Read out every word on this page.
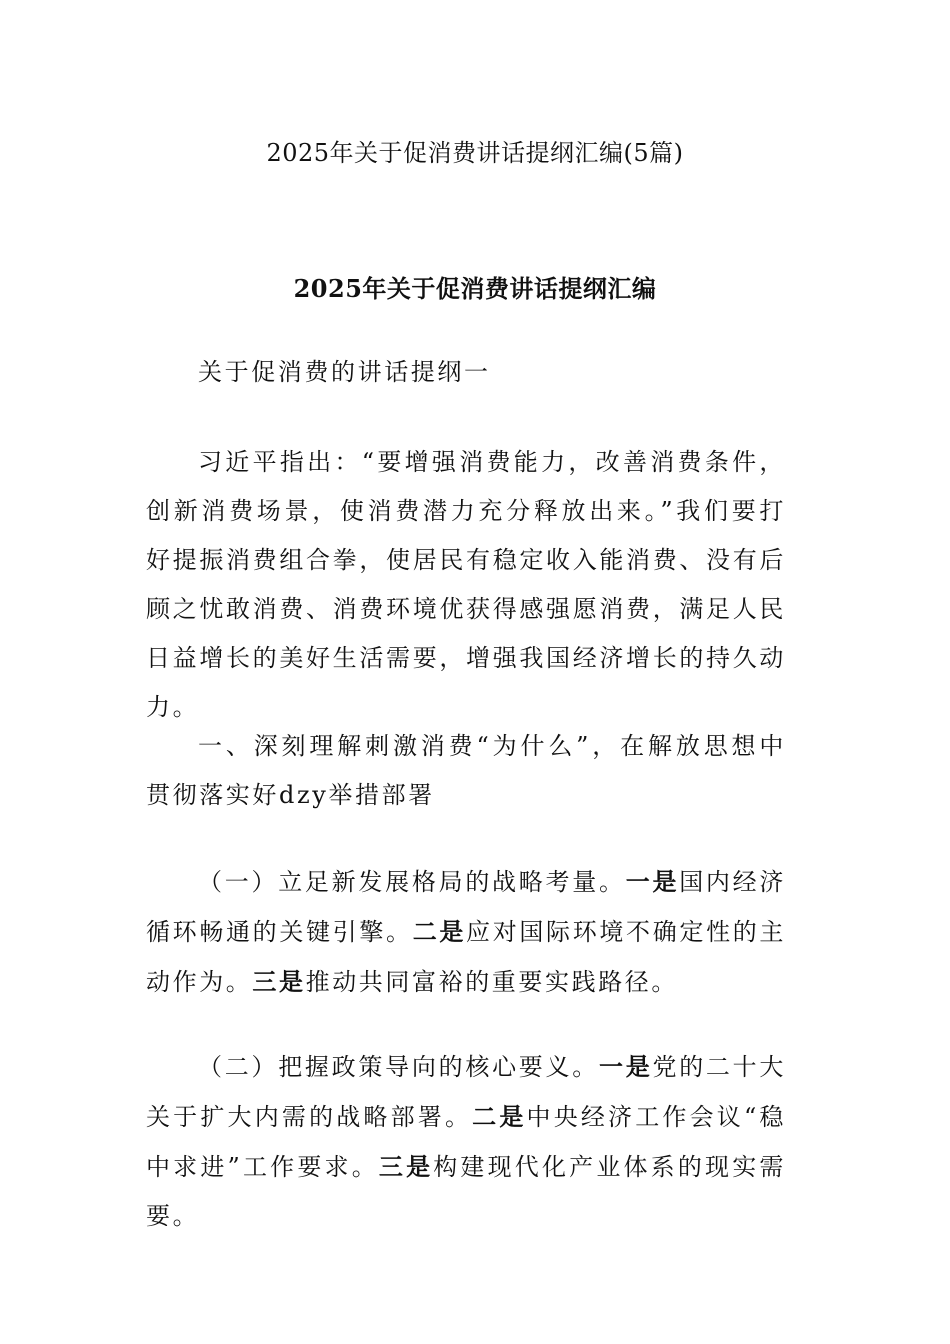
2025年关于促消费讲话提纲汇编(5篇)
2025年关于促消费讲话提纲汇编

关于促消费的讲话提纲一

习近平指出：“要增强消费能力，改善消费条件，创新消费场景，使消费潜力充分释放出来。”我们要打好提振消费组合拳，使居民有稳定收入能消费、没有后顾之忧敢消费、消费环境优获得感强愿消费，满足人民日益增长的美好生活需要，增强我国经济增长的持久动力。

一、深刻理解刺激消费“为什么”，在解放思想中贯彻落实好dzy举措部署

（一）立足新发展格局的战略考量。一是国内经济循环畅通的关键引擎。二是应对国际环境不确定性的主动作为。三是推动共同富裕的重要实践路径。

（二）把握政策导向的核心要义。一是党的二十大关于扩大内需的战略部署。二是中央经济工作会议“稳中求进”工作要求。三是构建现代化产业体系的现实需要。
